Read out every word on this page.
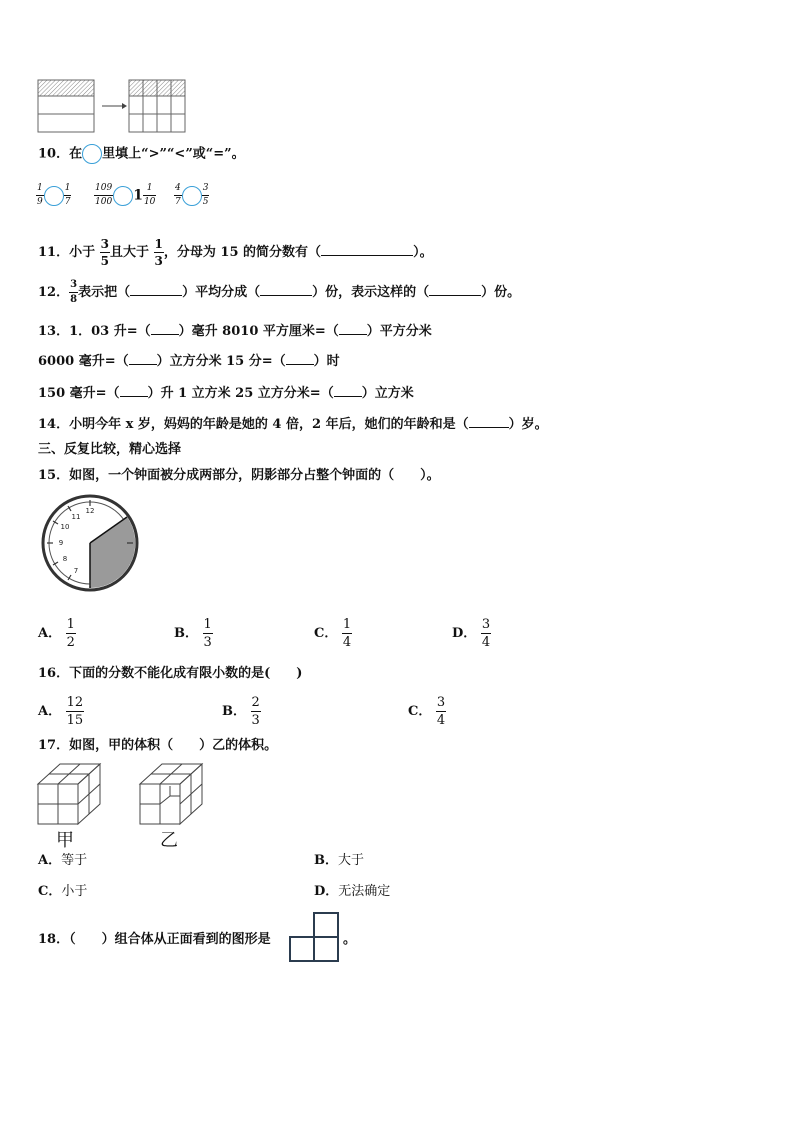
10．在 里填上“>”“<”或“=”。
$\frac{1}{9} \frac{1}{7}$	$\frac{109}{100} 1 \frac{1}{10} \frac{4}{7} \frac{3}{5}$
11．小于 $\frac{3}{5}$ 且大于 $\frac{1}{3}$ ，分母为 15 的简分数有（	）。
12． $\frac{3}{8}$ 表示把（	）平均分成（	）份，表示这样的（	）份。
13．1．03 升=（ ）毫升 8010 平方厘米=（ ）平方分米
6000 毫升=（ ）立方分米 15 分=（ ）时
150 毫升=（ ）升 1 立方米 25 立方分米=（ ）立方米
14．小明今年 x 岁，妈妈的年龄是她的 4 倍，2 年后，她们的年龄和是（	）岁。
三、反复比较，精心选择
15．如图，一个钟面被分成两部分，阴影部分占整个钟面的（　　）。
12
9
11
10
8
7
A． $\frac{1}{2}$	B． $\frac{1}{3}$	C． $\frac{1}{4}$	D． $\frac{3}{4}$
16．下面的分数不能化成有限小数的是(　　)
A． $\frac{12}{15}$	B． $\frac{2}{3}$	C． $\frac{3}{4}$
17．如图，甲的体积（　　）乙的体积。
甲	乙
A．等于	B．大于
C．小于	D．无法确定
18．（　　）组合体从正面看到的图形是	。
